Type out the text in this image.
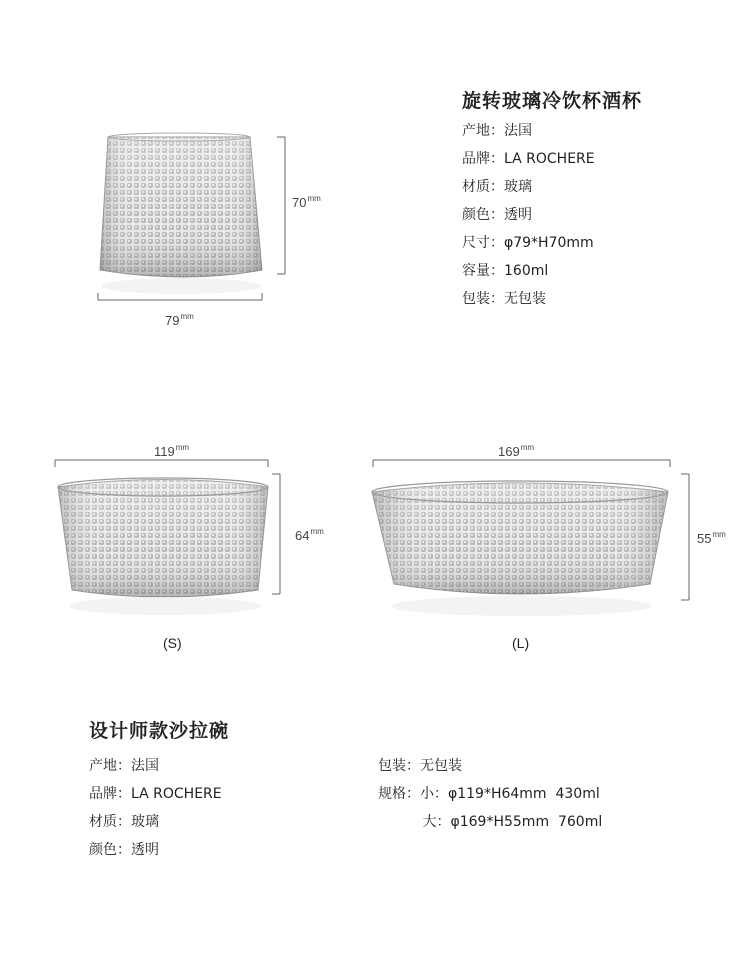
$70^{mm}$
$79^{mm}$
旋转玻璃冷饮杯酒杯
产地：法国
品牌：LA ROCHERE
材质：玻璃
颜色：透明
尺寸：φ79*H70mm
容量：160ml
包装：无包装
$119^{mm}$
$64^{mm}$
(S)
$169^{mm}$
$55^{mm}$
(L)
设计师款沙拉碗
产地：法国
品牌：LA ROCHERE
材质：玻璃
颜色：透明
包装：无包装
规格：小：φ119*H64mm  430ml
大：φ169*H55mm  760ml
